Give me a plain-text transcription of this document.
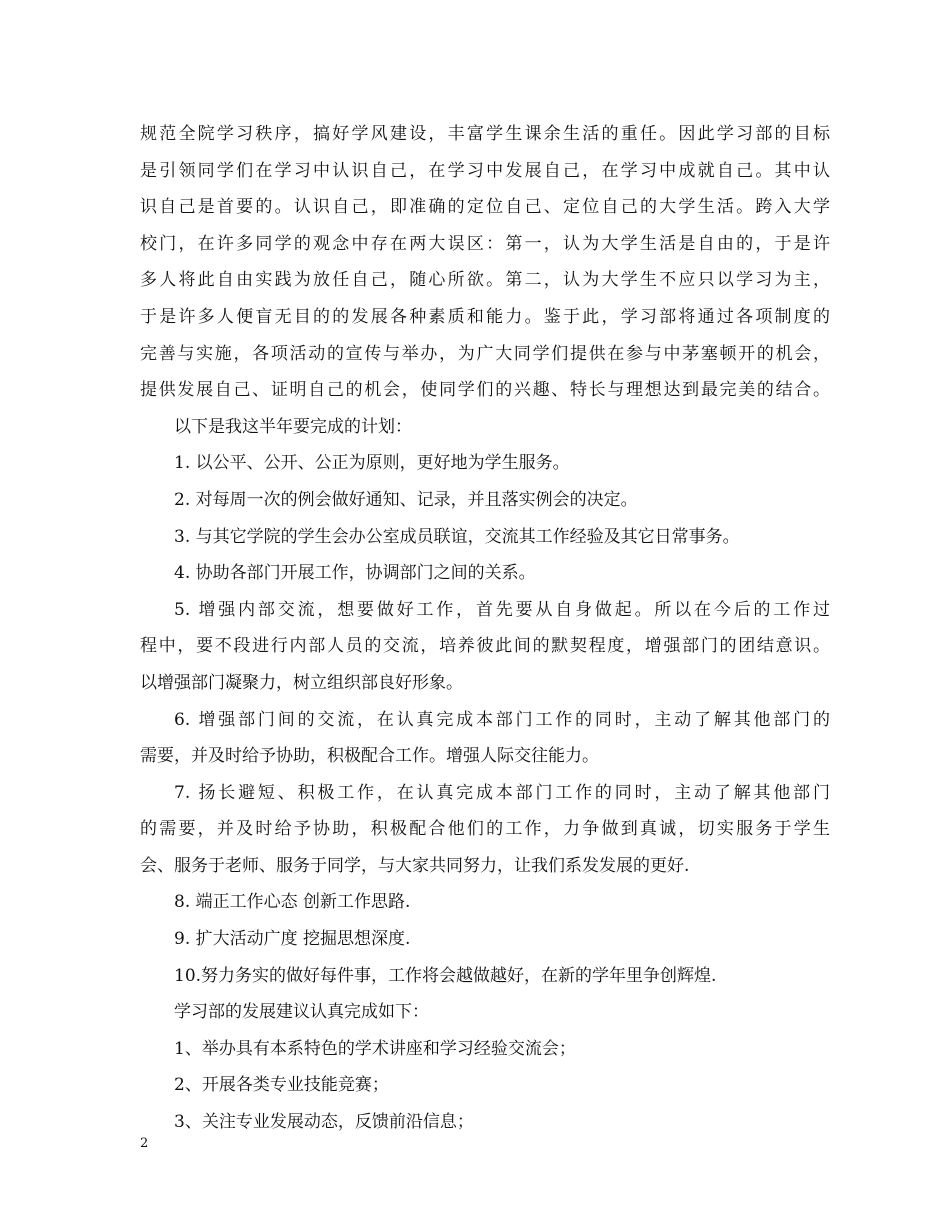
规范全院学习秩序，搞好学风建设，丰富学生课余生活的重任。因此学习部的目标
是引领同学们在学习中认识自己，在学习中发展自己，在学习中成就自己。其中认
识自己是首要的。认识自己，即准确的定位自己、定位自己的大学生活。跨入大学
校门，在许多同学的观念中存在两大误区：第一，认为大学生活是自由的，于是许
多人将此自由实践为放任自己，随心所欲。第二，认为大学生不应只以学习为主，
于是许多人便盲无目的的发展各种素质和能力。鉴于此，学习部将通过各项制度的
完善与实施，各项活动的宣传与举办，为广大同学们提供在参与中茅塞顿开的机会，
提供发展自己、证明自己的机会，使同学们的兴趣、特长与理想达到最完美的结合。
以下是我这半年要完成的计划：
1. 以公平、公开、公正为原则，更好地为学生服务。
2. 对每周一次的例会做好通知、记录，并且落实例会的决定。
3. 与其它学院的学生会办公室成员联谊，交流其工作经验及其它日常事务。
4. 协助各部门开展工作，协调部门之间的关系。
5. 增强内部交流，想要做好工作，首先要从自身做起。所以在今后的工作过
程中，要不段进行内部人员的交流，培养彼此间的默契程度，增强部门的团结意识。
以增强部门凝聚力，树立组织部良好形象。
6. 增强部门间的交流，在认真完成本部门工作的同时，主动了解其他部门的
需要，并及时给予协助，积极配合工作。增强人际交往能力。
7. 扬长避短、积极工作，在认真完成本部门工作的同时，主动了解其他部门
的需要，并及时给予协助，积极配合他们的工作，力争做到真诚，切实服务于学生
会、服务于老师、服务于同学，与大家共同努力，让我们系发发展的更好.
8. 端正工作心态 创新工作思路.
9. 扩大活动广度 挖掘思想深度.
10.努力务实的做好每件事，工作将会越做越好，在新的学年里争创辉煌.
学习部的发展建议认真完成如下：
1、举办具有本系特色的学术讲座和学习经验交流会；
2、开展各类专业技能竞赛；
3、关注专业发展动态，反馈前沿信息；
2
